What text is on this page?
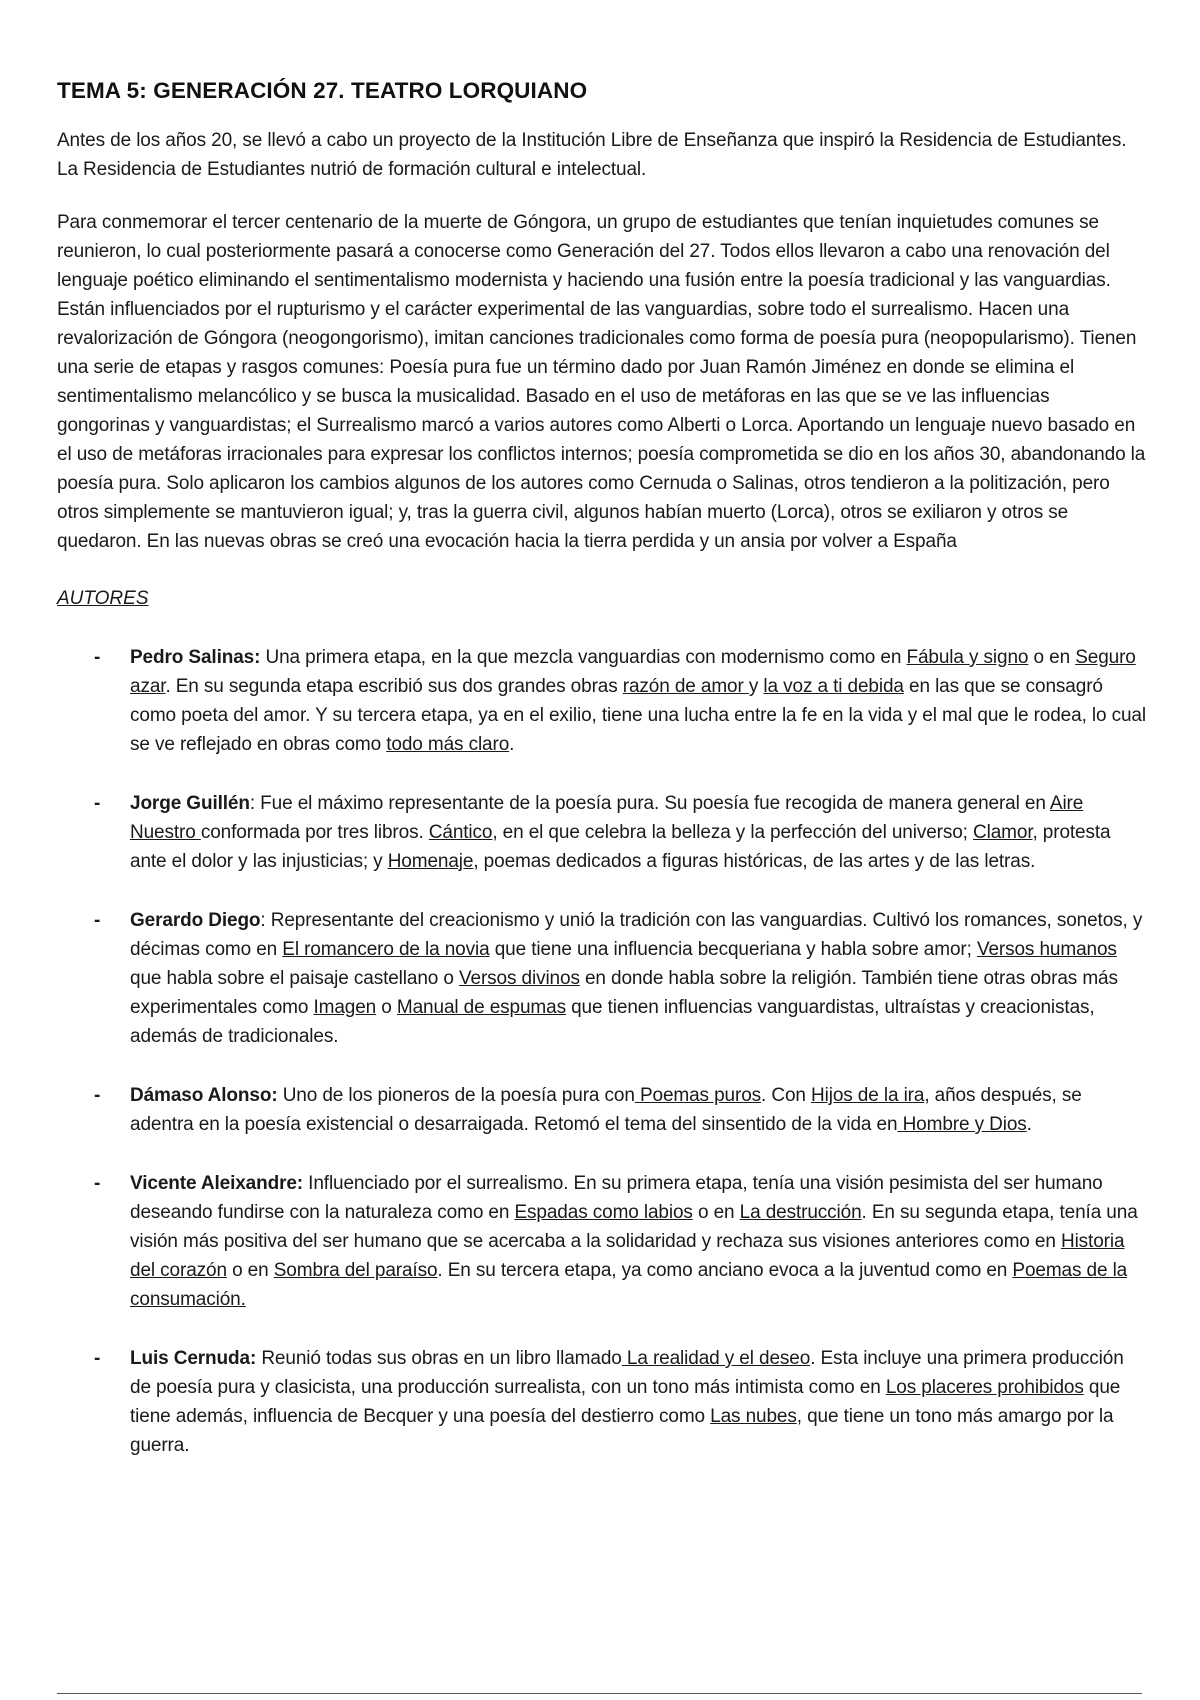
TEMA 5: GENERACIÓN 27. TEATRO LORQUIANO

Antes de los años 20, se llevó a cabo un proyecto de la Institución Libre de Enseñanza que inspiró la Residencia de Estudiantes. La Residencia de Estudiantes nutrió de formación cultural e intelectual.

Para conmemorar el tercer centenario de la muerte de Góngora, un grupo de estudiantes que tenían inquietudes comunes se reunieron, lo cual posteriormente pasará a conocerse como Generación del 27. Todos ellos llevaron a cabo una renovación del lenguaje poético eliminando el sentimentalismo modernista y haciendo una fusión entre la poesía tradicional y las vanguardias.

Están influenciados por el rupturismo y el carácter experimental de las vanguardias, sobre todo el surrealismo. Hacen una revalorización de Góngora (neogongorismo), imitan canciones tradicionales como forma de poesía pura (neopopularismo). Tienen una serie de etapas y rasgos comunes: Poesía pura fue un término dado por Juan Ramón Jiménez en donde se elimina el sentimentalismo melancólico y se busca la musicalidad. Basado en el uso de metáforas en las que se ve las influencias gongorinas y vanguardistas; el Surrealismo marcó a varios autores como Alberti o Lorca. Aportando un lenguaje nuevo basado en el uso de metáforas irracionales para expresar los conflictos internos; poesía comprometida se dio en los años 30, abandonando la poesía pura. Solo aplicaron los cambios algunos de los autores como Cernuda o Salinas, otros tendieron a la politización, pero otros simplemente se mantuvieron igual; y, tras la guerra civil, algunos habían muerto (Lorca), otros se exiliaron y otros se quedaron. En las nuevas obras se creó una evocación hacia la tierra perdida y un ansia por volver a España

AUTORES
- Pedro Salinas: Una primera etapa, en la que mezcla vanguardias con modernismo como en Fábula y signo o en Seguro azar. En su segunda etapa escribió sus dos grandes obras razón de amor y la voz a ti debida en las que se consagró como poeta del amor. Y su tercera etapa, ya en el exilio, tiene una lucha entre la fe en la vida y el mal que le rodea, lo cual se ve reflejado en obras como todo más claro.
- Jorge Guillén: Fue el máximo representante de la poesía pura. Su poesía fue recogida de manera general en Aire Nuestro conformada por tres libros. Cántico, en el que celebra la belleza y la perfección del universo; Clamor, protesta ante el dolor y las injusticias; y Homenaje, poemas dedicados a figuras históricas, de las artes y de las letras.
- Gerardo Diego: Representante del creacionismo y unió la tradición con las vanguardias. Cultivó los romances, sonetos, y décimas como en El romancero de la novia que tiene una influencia becqueriana y habla sobre amor; Versos humanos que habla sobre el paisaje castellano o Versos divinos en donde habla sobre la religión. También tiene otras obras más experimentales como Imagen o Manual de espumas que tienen influencias vanguardistas, ultraístas y creacionistas, además de tradicionales.
- Dámaso Alonso: Uno de los pioneros de la poesía pura con Poemas puros. Con Hijos de la ira, años después, se adentra en la poesía existencial o desarraigada. Retomó el tema del sinsentido de la vida en Hombre y Dios.
- Vicente Aleixandre: Influenciado por el surrealismo. En su primera etapa, tenía una visión pesimista del ser humano deseando fundirse con la naturaleza como en Espadas como labios o en La destrucción. En su segunda etapa, tenía una visión más positiva del ser humano que se acercaba a la solidaridad y rechaza sus visiones anteriores como en Historia del corazón o en Sombra del paraíso. En su tercera etapa, ya como anciano evoca a la juventud como en Poemas de la consumación.
- Luis Cernuda: Reunió todas sus obras en un libro llamado La realidad y el deseo. Esta incluye una primera producción de poesía pura y clasicista, una producción surrealista, con un tono más intimista como en Los placeres prohibidos que tiene además, influencia de Becquer y una poesía del destierro como Las nubes, que tiene un tono más amargo por la guerra.
